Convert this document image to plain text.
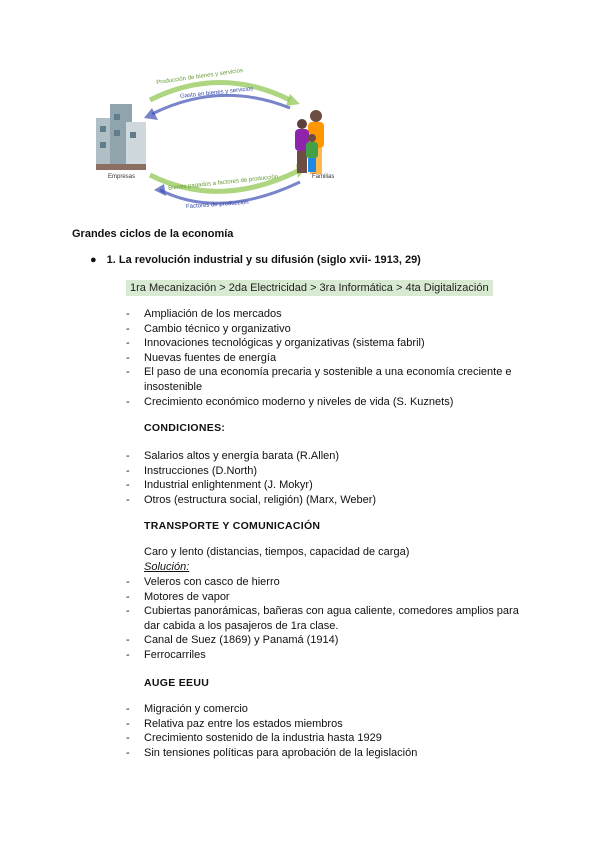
Producción de bienes y servicios
Gasto en bienes y servicios
Bienes pagados a factores de producción
Factores de producción
Empresas	Familias
Grandes ciclos de la economía
● 1. La revolución industrial y su difusión (siglo xvii- 1913, 29)
1ra Mecanización > 2da Electricidad > 3ra Informática > 4ta Digitalización
- Ampliación de los mercados
- Cambio técnico y organizativo
- Innovaciones tecnológicas y organizativas (sistema fabril)
- Nuevas fuentes de energía
- El paso de una economía precaria y sostenible a una economía creciente e insostenible
- Crecimiento económico moderno y niveles de vida (S. Kuznets)
CONDICIONES:
- Salarios altos y energía barata (R.Allen)
- Instrucciones (D.North)
- Industrial enlightenment (J. Mokyr)
- Otros (estructura social, religión) (Marx, Weber)
TRANSPORTE Y COMUNICACIÓN
Caro y lento (distancias, tiempos, capacidad de carga)
Solución:
- Veleros con casco de hierro
- Motores de vapor
- Cubiertas panorámicas, bañeras con agua caliente, comedores amplios para dar cabida a los pasajeros de 1ra clase.
- Canal de Suez (1869) y Panamá (1914)
- Ferrocarriles
AUGE EEUU
- Migración y comercio
- Relativa paz entre los estados miembros
- Crecimiento sostenido de la industria hasta 1929
- Sin tensiones políticas para aprobación de la legislación
